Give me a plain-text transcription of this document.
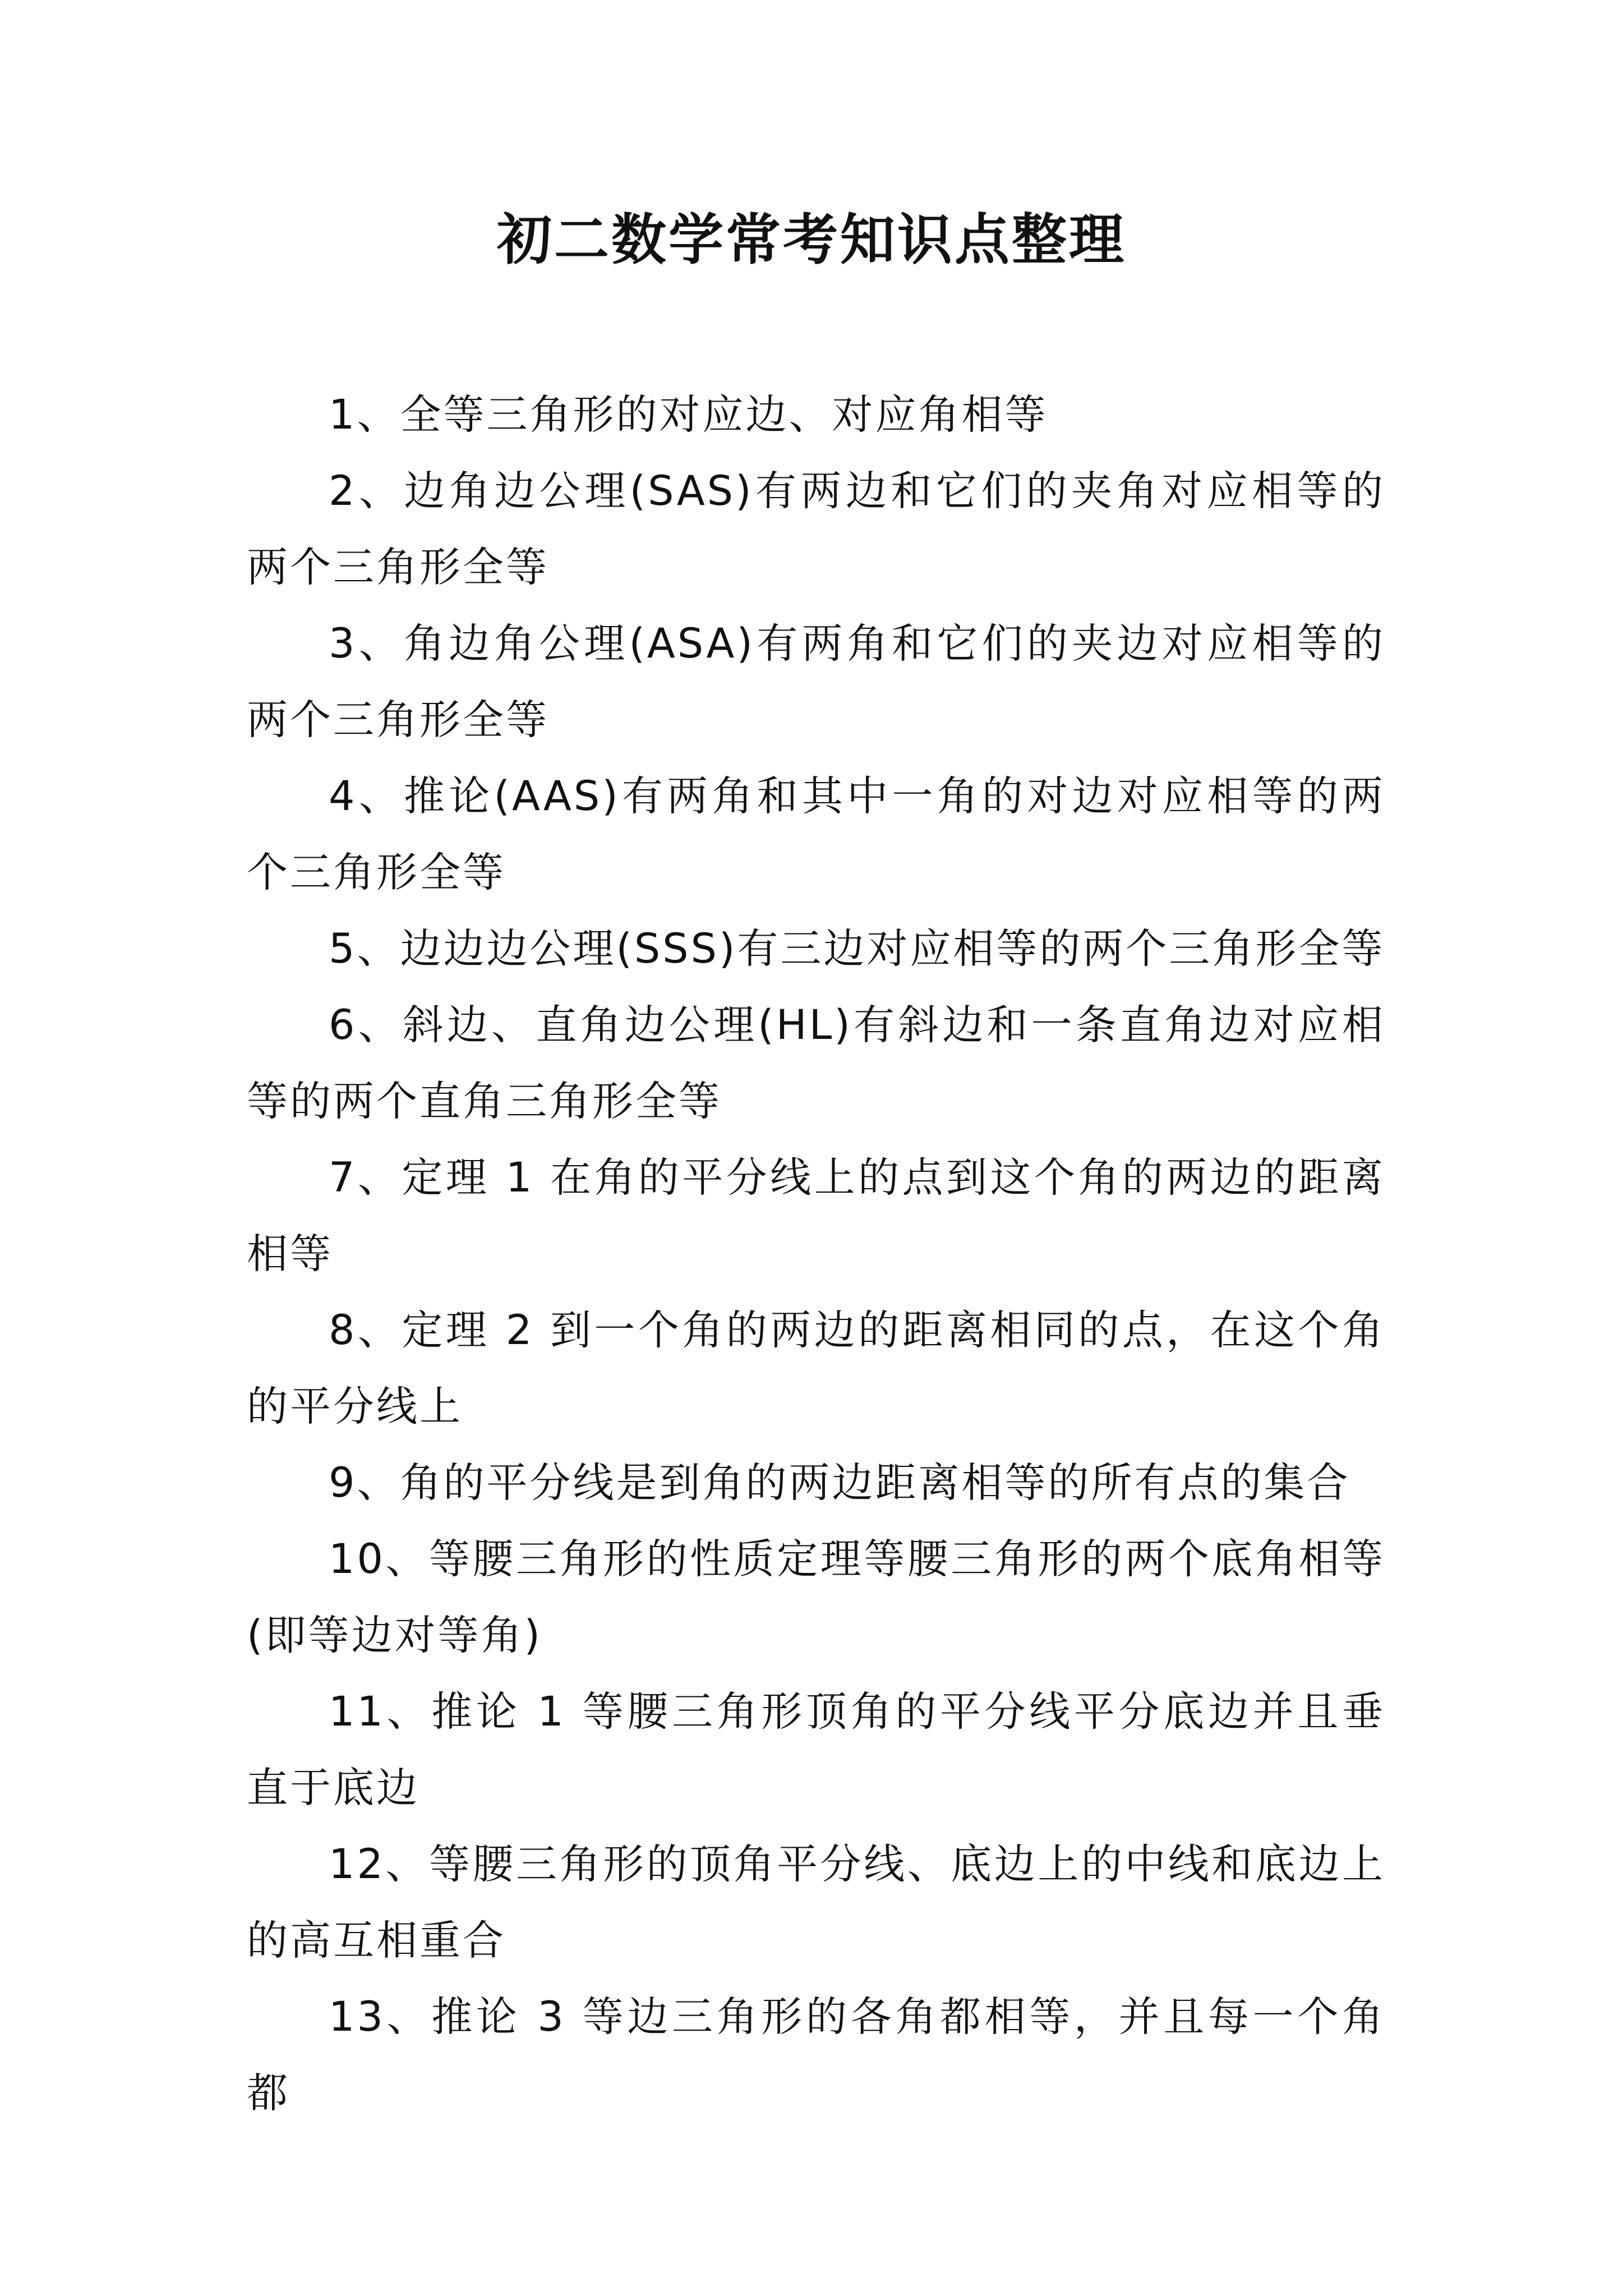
初二数学常考知识点整理

1、全等三角形的对应边、对应角相等

2、边角边公理(SAS)有两边和它们的夹角对应相等的两个三角形全等

3、角边角公理(ASA)有两角和它们的夹边对应相等的两个三角形全等

4、推论(AAS)有两角和其中一角的对边对应相等的两个三角形全等

5、边边边公理(SSS)有三边对应相等的两个三角形全等

6、斜边、直角边公理(HL)有斜边和一条直角边对应相等的两个直角三角形全等

7、定理 1 在角的平分线上的点到这个角的两边的距离相等

8、定理 2 到一个角的两边的距离相同的点，在这个角的平分线上

9、角的平分线是到角的两边距离相等的所有点的集合

10、等腰三角形的性质定理等腰三角形的两个底角相等(即等边对等角)

11、推论 1 等腰三角形顶角的平分线平分底边并且垂直于底边

12、等腰三角形的顶角平分线、底边上的中线和底边上的高互相重合

13、推论 3 等边三角形的各角都相等，并且每一个角都
